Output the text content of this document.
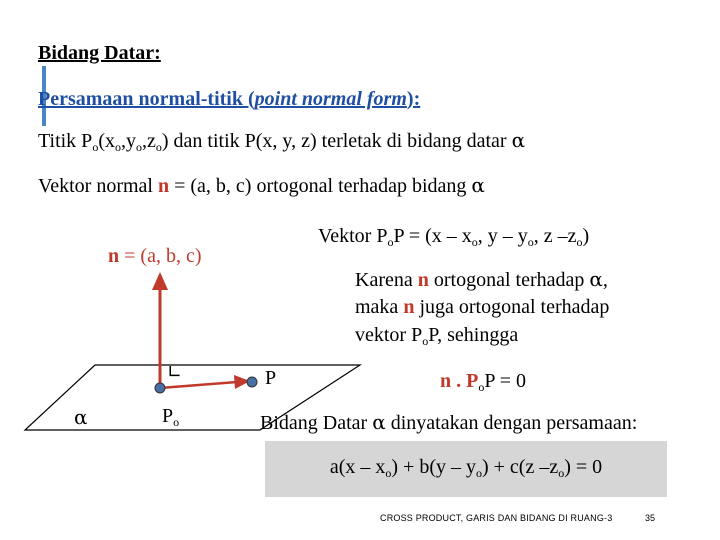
Bidang Datar:
Persamaan normal-titik (point normal form):
Titik $P_o(x_o,y_o,z_o)$ dan titik P(x, y, z) terletak di bidang datar α
Vektor normal n = (a, b, c) ortogonal terhadap bidang α
∟
n = (a, b, c)
α	$P_o$
P
Vektor $P_oP = (x - x_o$, y – $y_o$, z $-z_o$)
Karena n ortogonal terhadap α,
maka n juga ortogonal terhadap
vektor $P_oP$, sehingga
n . $P_oP = 0$
Bidang Datar α dinyatakan dengan persamaan:
$a(x - x_o) + b(y - y_o) + c(z$ $-z_o) = 0$
CROSS PRODUCT, GARIS DAN BIDANG DI RUANG-3	35
